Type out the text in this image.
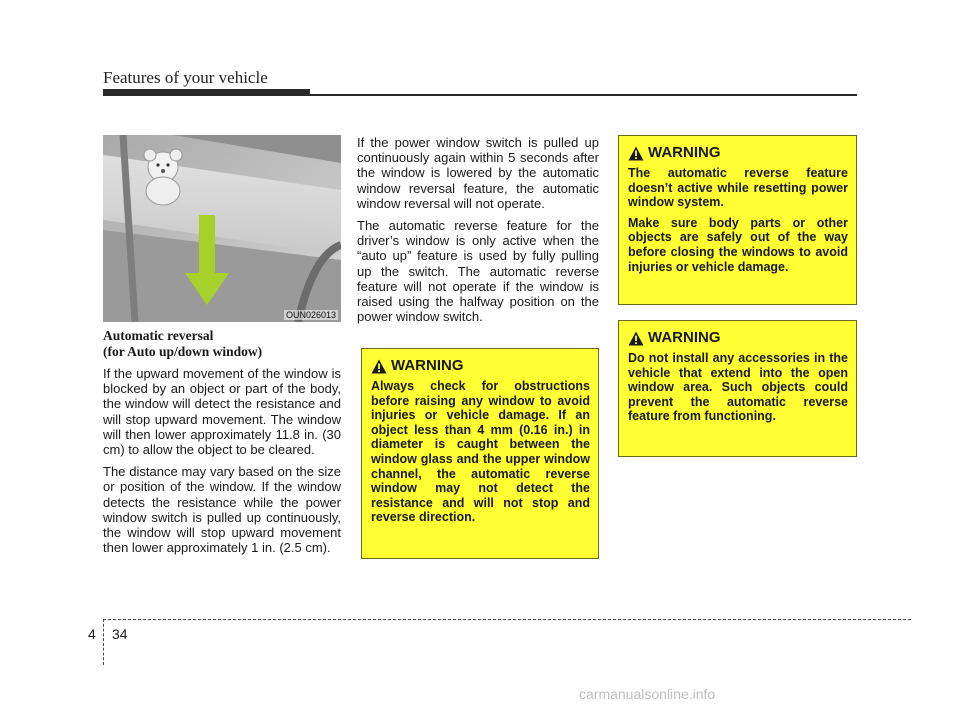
Features of your vehicle
OUN026013
Automatic reversal
(for Auto up/down window)

If the upward movement of the window is blocked by an object or part of the body, the window will detect the resistance and will stop upward movement. The window will then lower approximately 11.8 in. (30 cm) to allow the object to be cleared.

The distance may vary based on the size or position of the window. If the window detects the resistance while the power window switch is pulled up continuously, the window will stop upward movement then lower approximately 1 in. (2.5 cm).

If the power window switch is pulled up continuously again within 5 seconds after the window is lowered by the automatic window reversal feature, the automatic window reversal will not operate.

The automatic reverse feature for the driver’s window is only active when the “auto up” feature is used by fully pulling up the switch. The automatic reverse feature will not operate if the window is raised using the halfway position on the power window switch.

WARNING

Always check for obstructions before raising any window to avoid injuries or vehicle damage. If an object less than 4 mm (0.16 in.) in diameter is caught between the window glass and the upper window channel, the automatic reverse window may not detect the resistance and will not stop and reverse direction.

WARNING

The automatic reverse feature doesn’t active while resetting power window system.

Make sure body parts or other objects are safely out of the way before closing the windows to avoid injuries or vehicle damage.

WARNING

Do not install any accessories in the vehicle that extend into the open window area. Such objects could prevent the automatic reverse feature from functioning.

4 34
carmanualsonline.info
